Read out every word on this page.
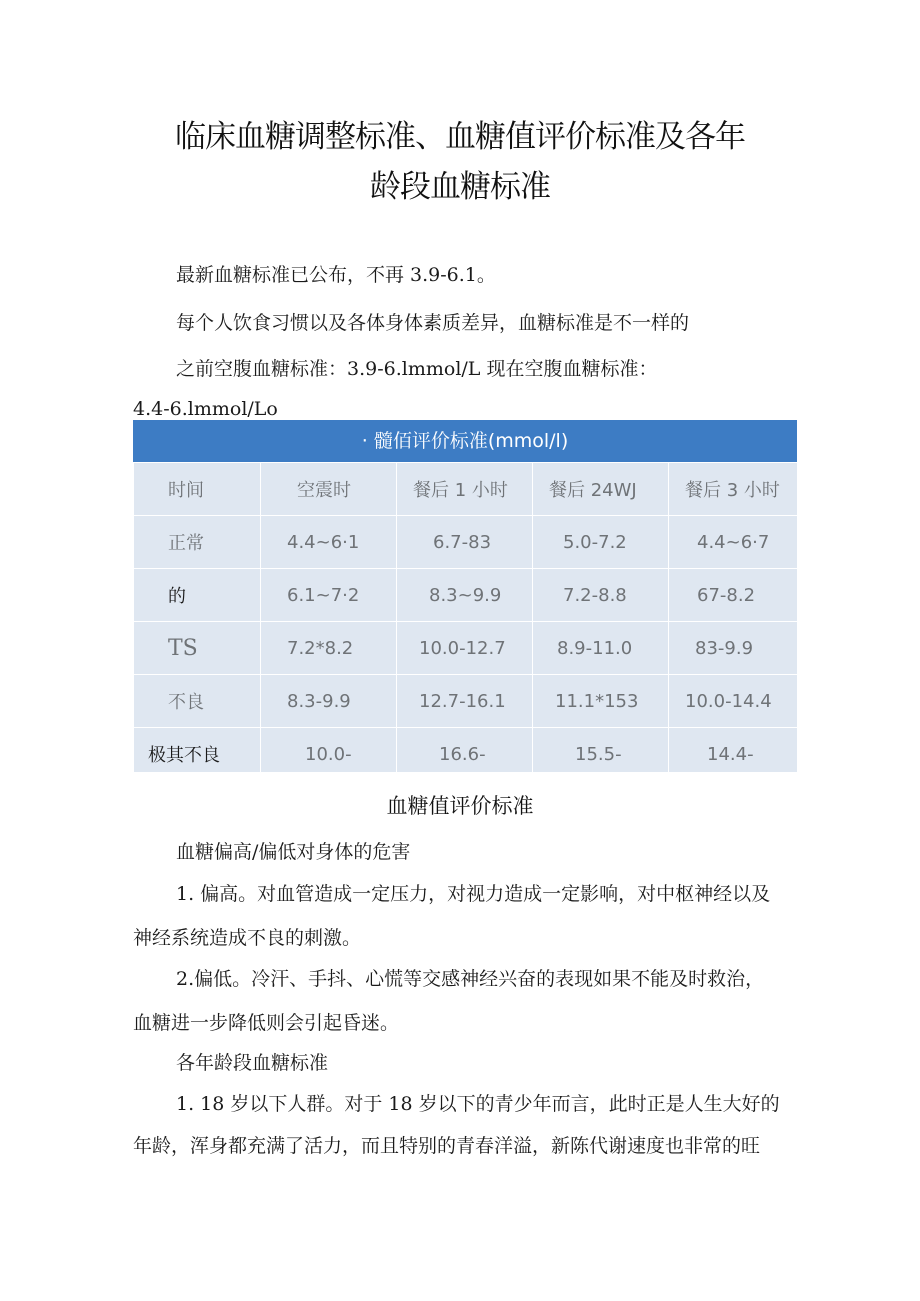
临床血糖调整标准、血糖值评价标准及各年
龄段血糖标准
最新血糖标准已公布，不再 3.9-6.1。
每个人饮食习惯以及各体身体素质差异，血糖标准是不一样的
之前空腹血糖标准：3.9-6.lmmol/L 现在空腹血糖标准：
4.4-6.lmmol/Lo
· 髓佰评价标准(mmol/l)
时间	空震时	餐后 1 小时	餐后 24WJ	餐后 3 小时
正常	4.4~6·1	6.7-83	5.0-7.2	4.4~6·7
的	6.1~7·2	8.3~9.9	7.2-8.8	67-8.2
TS	7.2*8.2	10.0-12.7	8.9-11.0	83-9.9
不良	8.3-9.9	12.7-16.1	11.1*153	10.0-14.4
极其不良	10.0-	16.6-	15.5-	14.4-
血糖值评价标准
血糖偏高/偏低对身体的危害
1. 偏高。对血管造成一定压力，对视力造成一定影响，对中枢神经以及
神经系统造成不良的刺激。
2.偏低。冷汗、手抖、心慌等交感神经兴奋的表现如果不能及时救治，
血糖进一步降低则会引起昏迷。
各年龄段血糖标准
1. 18 岁以下人群。对于 18 岁以下的青少年而言，此时正是人生大好的
年龄，浑身都充满了活力，而且特别的青春洋溢，新陈代谢速度也非常的旺
